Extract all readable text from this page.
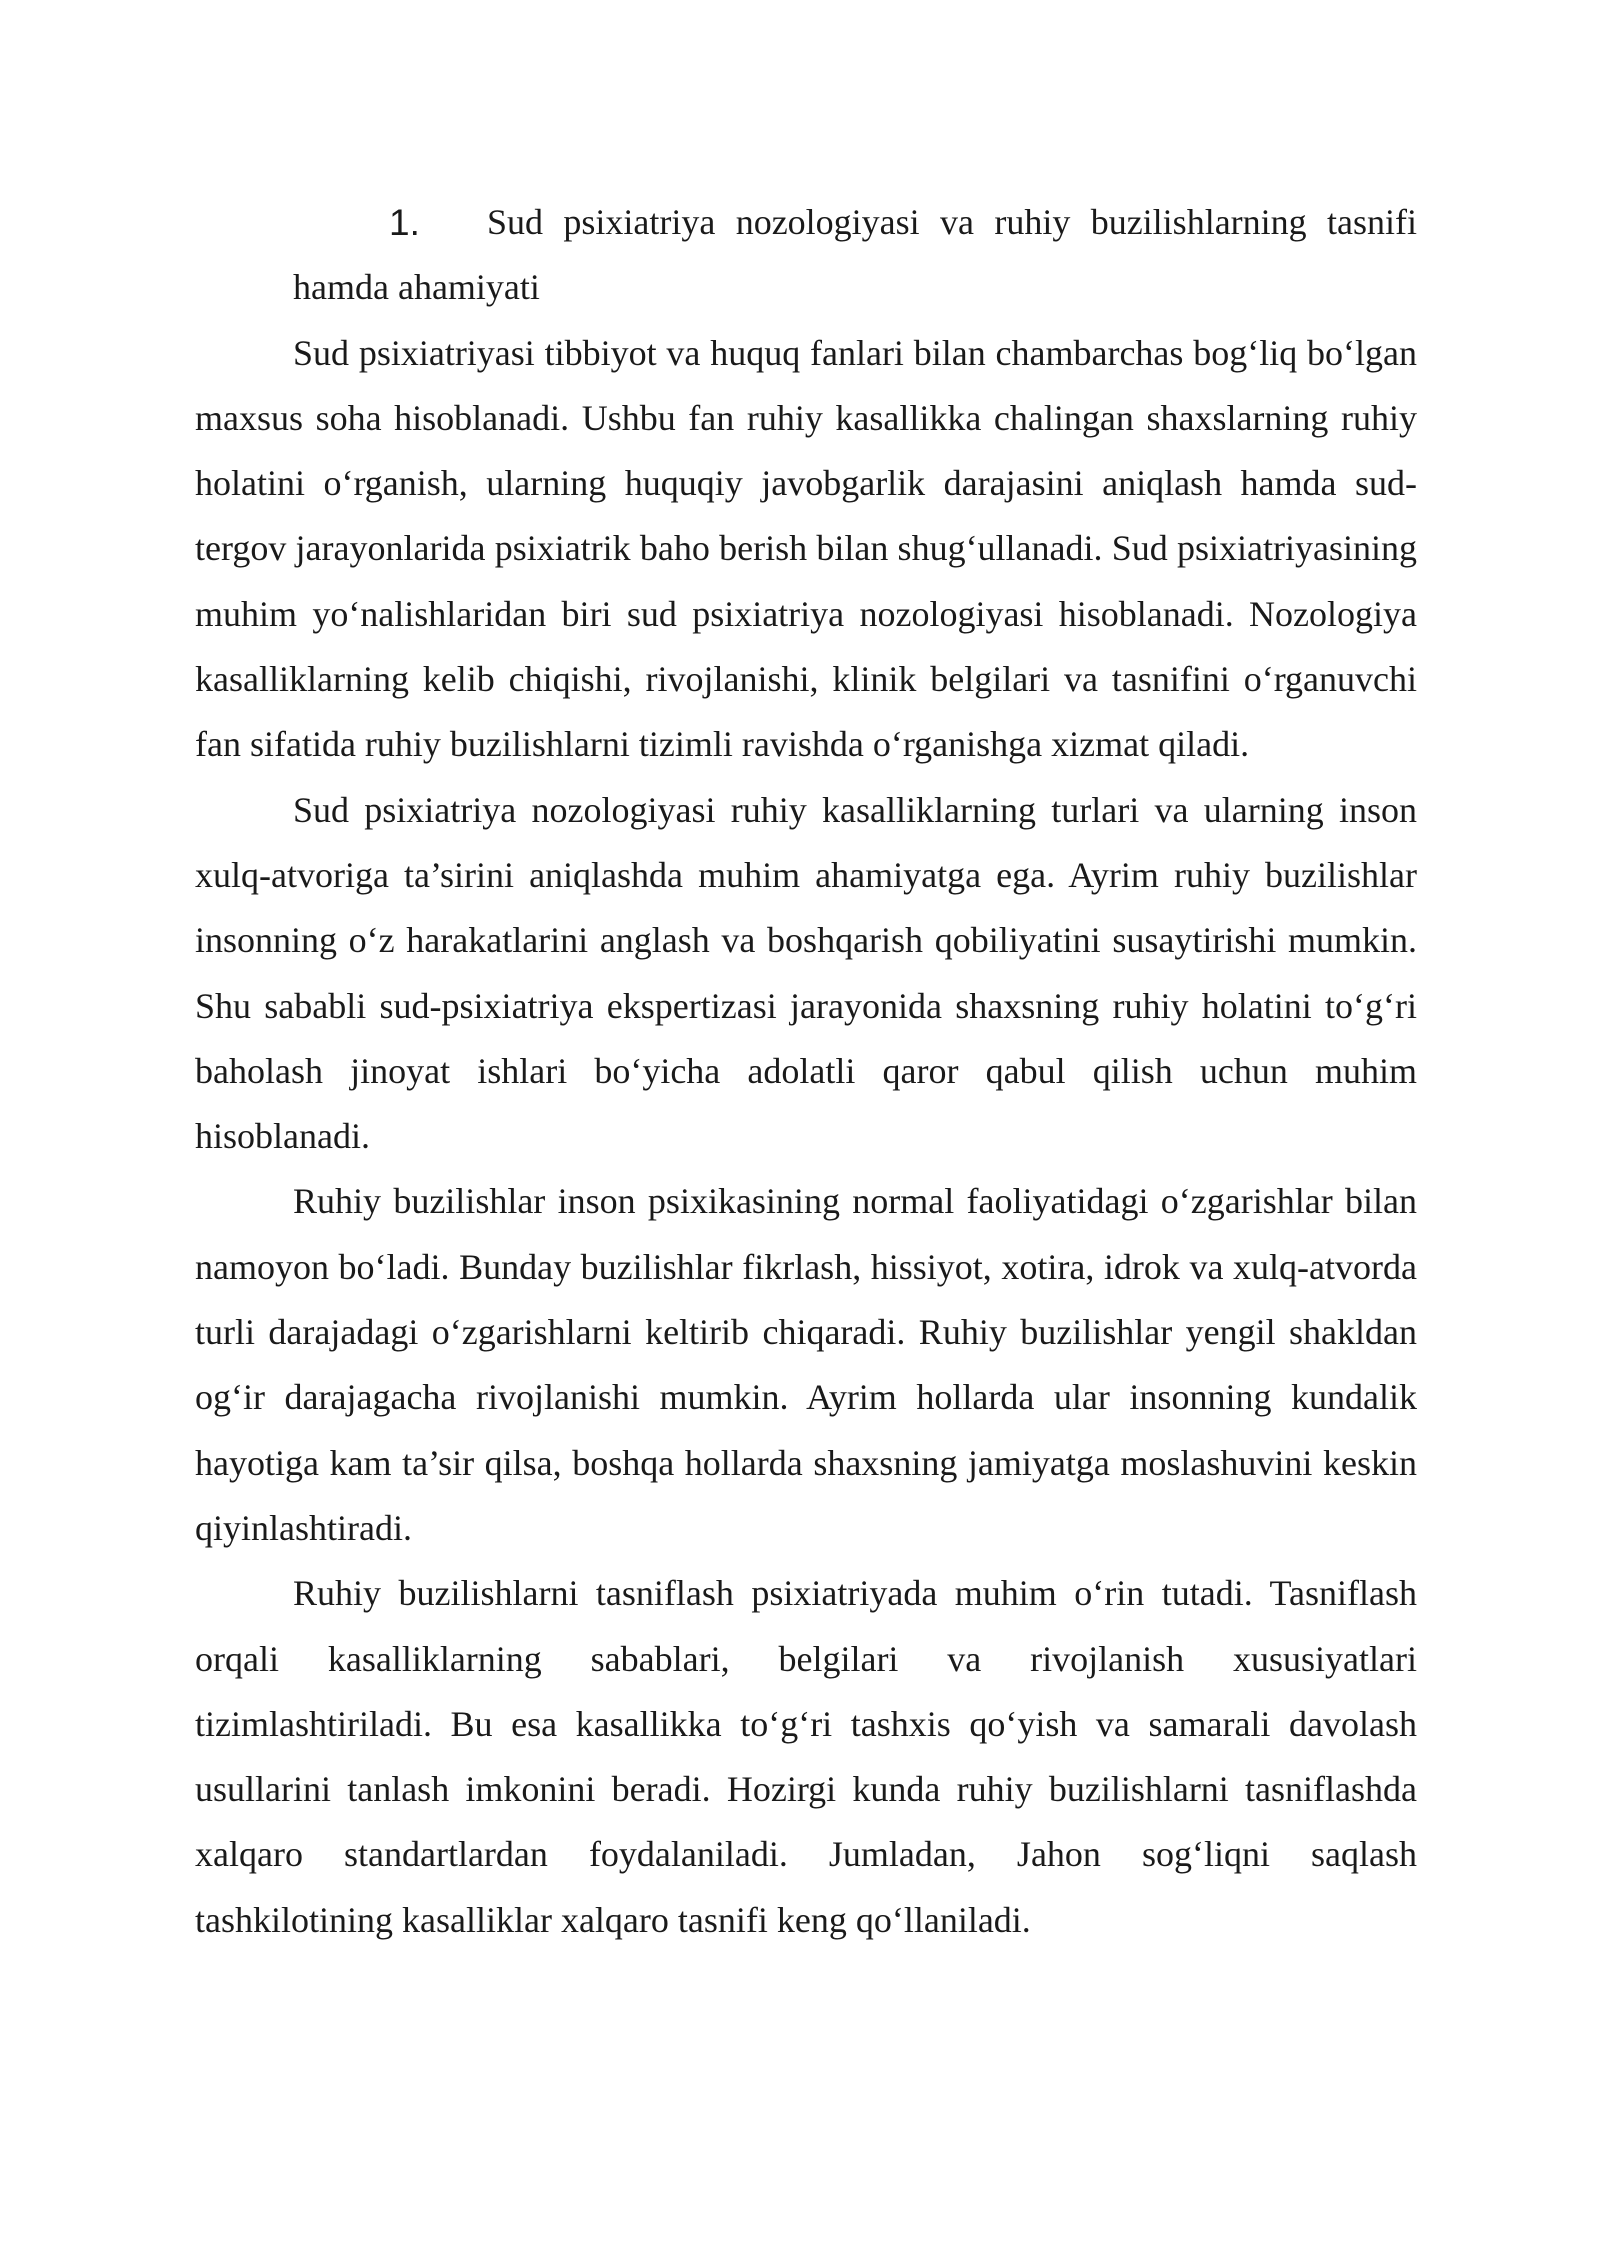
1.	Sud psixiatriya nozologiyasi va ruhiy buzilishlarning tasnifi
hamda ahamiyati

Sud psixiatriyasi tibbiyot va huquq fanlari bilan chambarchas bog‘liq bo‘lgan maxsus soha hisoblanadi. Ushbu fan ruhiy kasallikka chalingan shaxslarning ruhiy holatini o‘rganish, ularning huquqiy javobgarlik darajasini aniqlash hamda sud-tergov jarayonlarida psixiatrik baho berish bilan shug‘ullanadi. Sud psixiatriyasining muhim yo‘nalishlaridan biri sud psixiatriya nozologiyasi hisoblanadi. Nozologiya kasalliklarning kelib chiqishi, rivojlanishi, klinik belgilari va tasnifini o‘rganuvchi fan sifatida ruhiy buzilishlarni tizimli ravishda o‘rganishga xizmat qiladi.

Sud psixiatriya nozologiyasi ruhiy kasalliklarning turlari va ularning inson xulq-atvoriga ta’sirini aniqlashda muhim ahamiyatga ega. Ayrim ruhiy buzilishlar insonning o‘z harakatlarini anglash va boshqarish qobiliyatini susaytirishi mumkin. Shu sababli sud-psixiatriya ekspertizasi jarayonida shaxsning ruhiy holatini to‘g‘ri baholash jinoyat ishlari bo‘yicha adolatli qaror qabul qilish uchun muhim hisoblanadi.

Ruhiy buzilishlar inson psixikasining normal faoliyatidagi o‘zgarishlar bilan namoyon bo‘ladi. Bunday buzilishlar fikrlash, hissiyot, xotira, idrok va xulq-atvorda turli darajadagi o‘zgarishlarni keltirib chiqaradi. Ruhiy buzilishlar yengil shakldan og‘ir darajagacha rivojlanishi mumkin. Ayrim hollarda ular insonning kundalik hayotiga kam ta’sir qilsa, boshqa hollarda shaxsning jamiyatga moslashuvini keskin qiyinlashtiradi.

Ruhiy buzilishlarni tasniflash psixiatriyada muhim o‘rin tutadi. Tasniflash orqali kasalliklarning sabablari, belgilari va rivojlanish xususiyatlari tizimlashtiriladi. Bu esa kasallikka to‘g‘ri tashxis qo‘yish va samarali davolash usullarini tanlash imkonini beradi. Hozirgi kunda ruhiy buzilishlarni tasniflashda xalqaro standartlardan foydalaniladi. Jumladan, Jahon sog‘liqni saqlash tashkilotining kasalliklar xalqaro tasnifi keng qo‘llaniladi.
